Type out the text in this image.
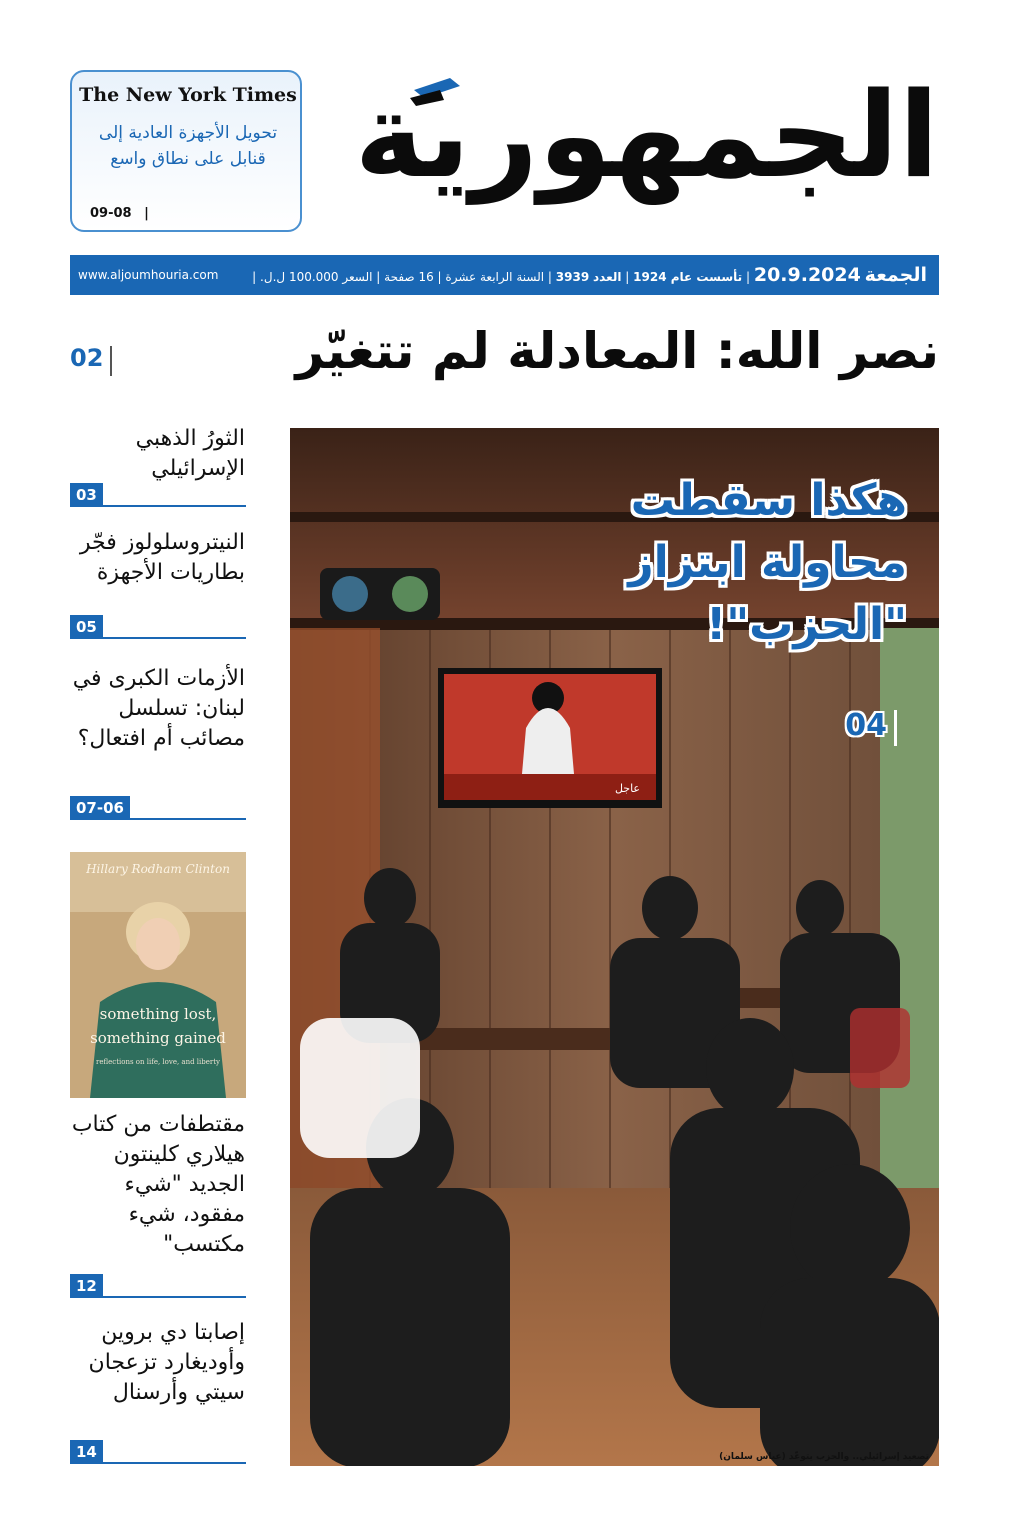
الجمهورية
The New York Times
تحويل الأجهزة العادية إلى قنابل على نطاق واسع
09-08 |
الجمعة 20.9.2024 | تأسست عام 1924 | العدد 3939 | السنة الرابعة عشرة | 16 صفحة | السعر 100.000 ل.ل. |
www.aljoumhouria.com
نصر الله: المعادلة لم تتغيّر
02
عاجل
هكذا سقطت محاولة ابتزاز "الحزب"!
04
تصعيد إسرائيلي.. والحزب يتوعّد (عباس سلمان)
الثورُ الذهبي الإسرائيلي
03
النيتروسلولوز فجّر بطاريات الأجهزة
05
الأزمات الكبرى في لبنان: تسلسل مصائب أم افتعال؟
07-06
Hillary Rodham Clinton
something lost, something gained
reflections on life, love, and liberty
مقتطفات من كتاب هيلاري كلينتون الجديد "شيء مفقود، شيء مكتسب"
12
إصابتا دي بروين وأوديغارد تزعجان سيتي وأرسنال
14
